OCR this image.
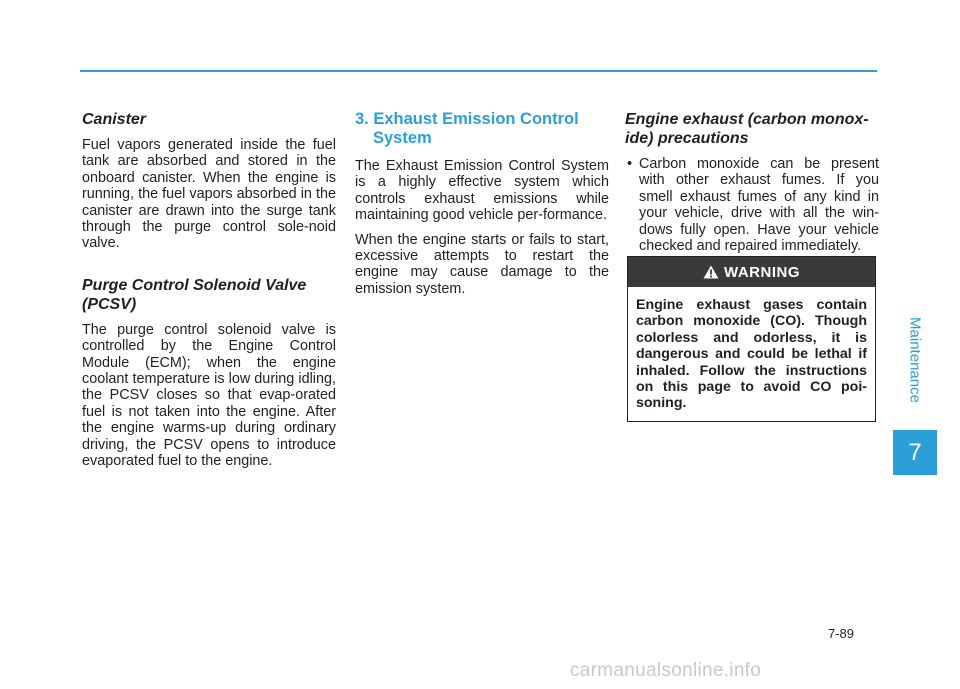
Maintenance
7
Canister

Fuel vapors generated inside the fuel tank are absorbed and stored in the onboard canister. When the engine is running, the fuel vapors absorbed in the canister are drawn into the surge tank through the purge control sole-noid valve.

Purge Control Solenoid Valve (PCSV)

The purge control solenoid valve is controlled by the Engine Control Module (ECM); when the engine coolant temperature is low during idling, the PCSV closes so that evap-orated fuel is not taken into the engine. After the engine warms-up during ordinary driving, the PCSV opens to introduce evaporated fuel to the engine.

3. Exhaust Emission Control System

The Exhaust Emission Control System is a highly effective system which controls exhaust emissions while maintaining good vehicle per-formance.

When the engine starts or fails to start, excessive attempts to restart the engine may cause damage to the emission system.

Engine exhaust (carbon monox-ide) precautions
• Carbon monoxide can be present with other exhaust fumes. If you smell exhaust fumes of any kind in your vehicle, drive with all the win-dows fully open. Have your vehicle checked and repaired immediately.
WARNING
Engine exhaust gases contain carbon monoxide (CO). Though colorless and odorless, it is dangerous and could be lethal if inhaled. Follow the instructions on this page to avoid CO poi-soning.
7-89
carmanualsonline.info
